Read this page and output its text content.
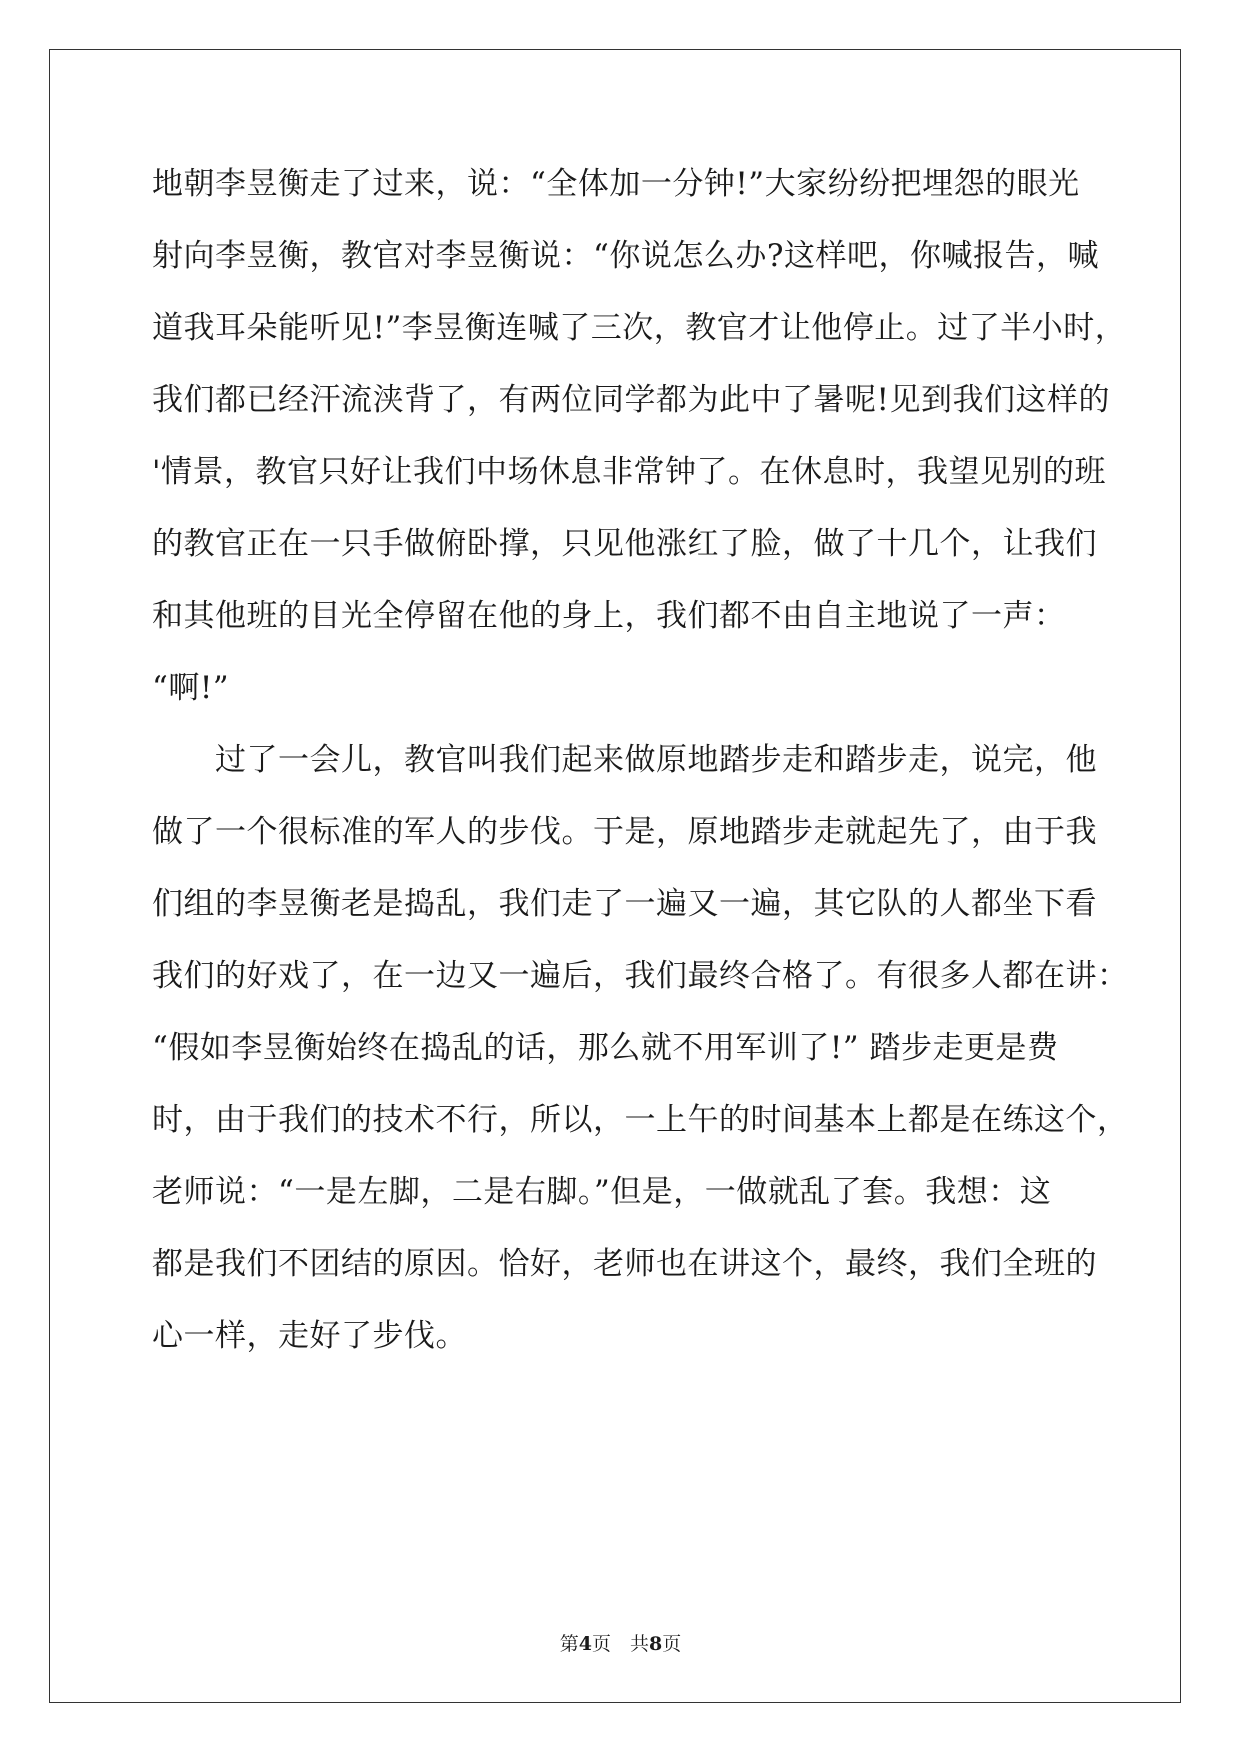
地朝李昱衡走了过来，说：“全体加一分钟!”大家纷纷把埋怨的眼光
射向李昱衡，教官对李昱衡说：“你说怎么办?这样吧，你喊报告，喊
道我耳朵能听见!”李昱衡连喊了三次，教官才让他停止。过了半小时，
我们都已经汗流浃背了，有两位同学都为此中了暑呢!见到我们这样的
'情景，教官只好让我们中场休息非常钟了。在休息时，我望见别的班
的教官正在一只手做俯卧撑，只见他涨红了脸，做了十几个，让我们
和其他班的目光全停留在他的身上，我们都不由自主地说了一声：
“啊!”
　　过了一会儿，教官叫我们起来做原地踏步走和踏步走，说完，他
做了一个很标准的军人的步伐。于是，原地踏步走就起先了，由于我
们组的李昱衡老是捣乱，我们走了一遍又一遍，其它队的人都坐下看
我们的好戏了，在一边又一遍后，我们最终合格了。有很多人都在讲：
“假如李昱衡始终在捣乱的话，那么就不用军训了!” 踏步走更是费
时，由于我们的技术不行，所以，一上午的时间基本上都是在练这个，
老师说：“一是左脚，二是右脚。”但是，一做就乱了套。我想：这
都是我们不团结的原因。恰好，老师也在讲这个，最终，我们全班的
心一样，走好了步伐。
第4页　共8页
